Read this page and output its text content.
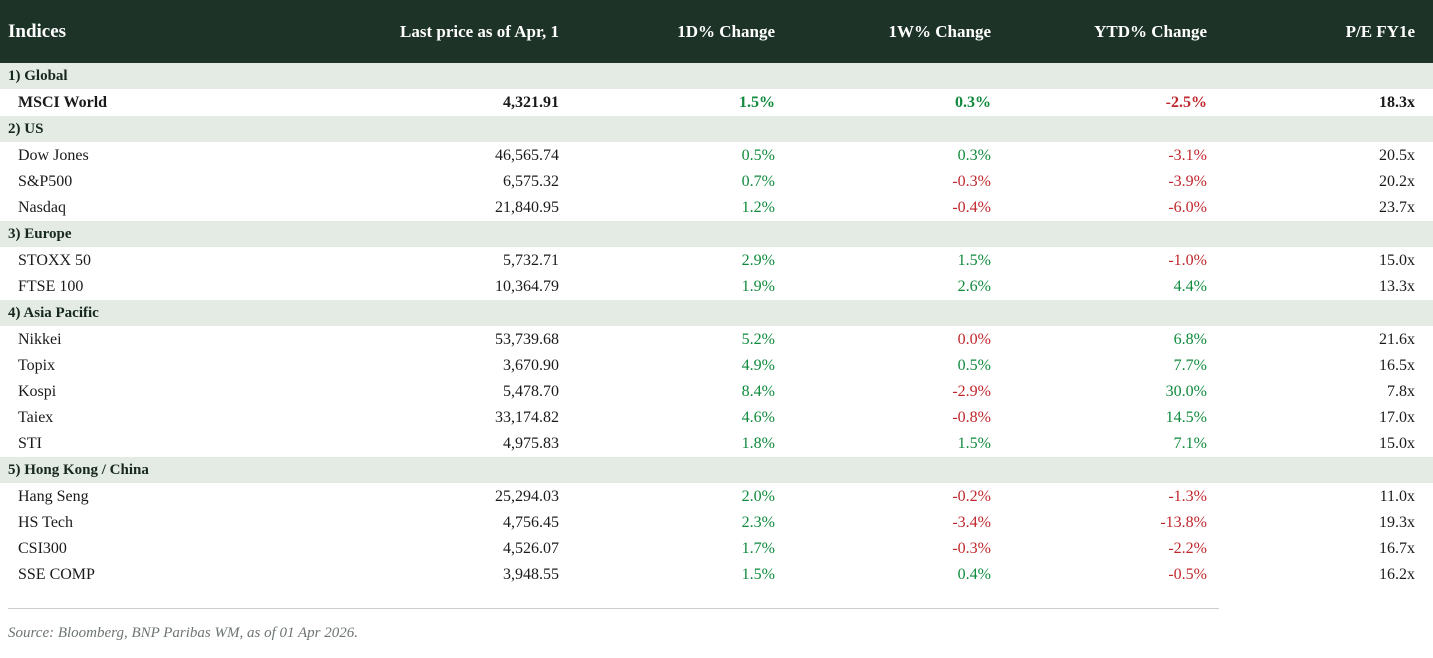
Indices	Last price as of Apr, 1	1D% Change	1W% Change	YTD% Change	P/E FY1e
1) Global					
MSCI World	4,321.91	1.5%	0.3%	-2.5%	18.3x
2) US					
Dow Jones	46,565.74	0.5%	0.3%	-3.1%	20.5x
S&P500	6,575.32	0.7%	-0.3%	-3.9%	20.2x
Nasdaq	21,840.95	1.2%	-0.4%	-6.0%	23.7x
3) Europe					
STOXX 50	5,732.71	2.9%	1.5%	-1.0%	15.0x
FTSE 100	10,364.79	1.9%	2.6%	4.4%	13.3x
4) Asia Pacific					
Nikkei	53,739.68	5.2%	0.0%	6.8%	21.6x
Topix	3,670.90	4.9%	0.5%	7.7%	16.5x
Kospi	5,478.70	8.4%	-2.9%	30.0%	7.8x
Taiex	33,174.82	4.6%	-0.8%	14.5%	17.0x
STI	4,975.83	1.8%	1.5%	7.1%	15.0x
5) Hong Kong / China					
Hang Seng	25,294.03	2.0%	-0.2%	-1.3%	11.0x
HS Tech	4,756.45	2.3%	-3.4%	-13.8%	19.3x
CSI300	4,526.07	1.7%	-0.3%	-2.2%	16.7x
SSE COMP	3,948.55	1.5%	0.4%	-0.5%	16.2x
Source: Bloomberg, BNP Paribas WM, as of 01 Apr 2026.
